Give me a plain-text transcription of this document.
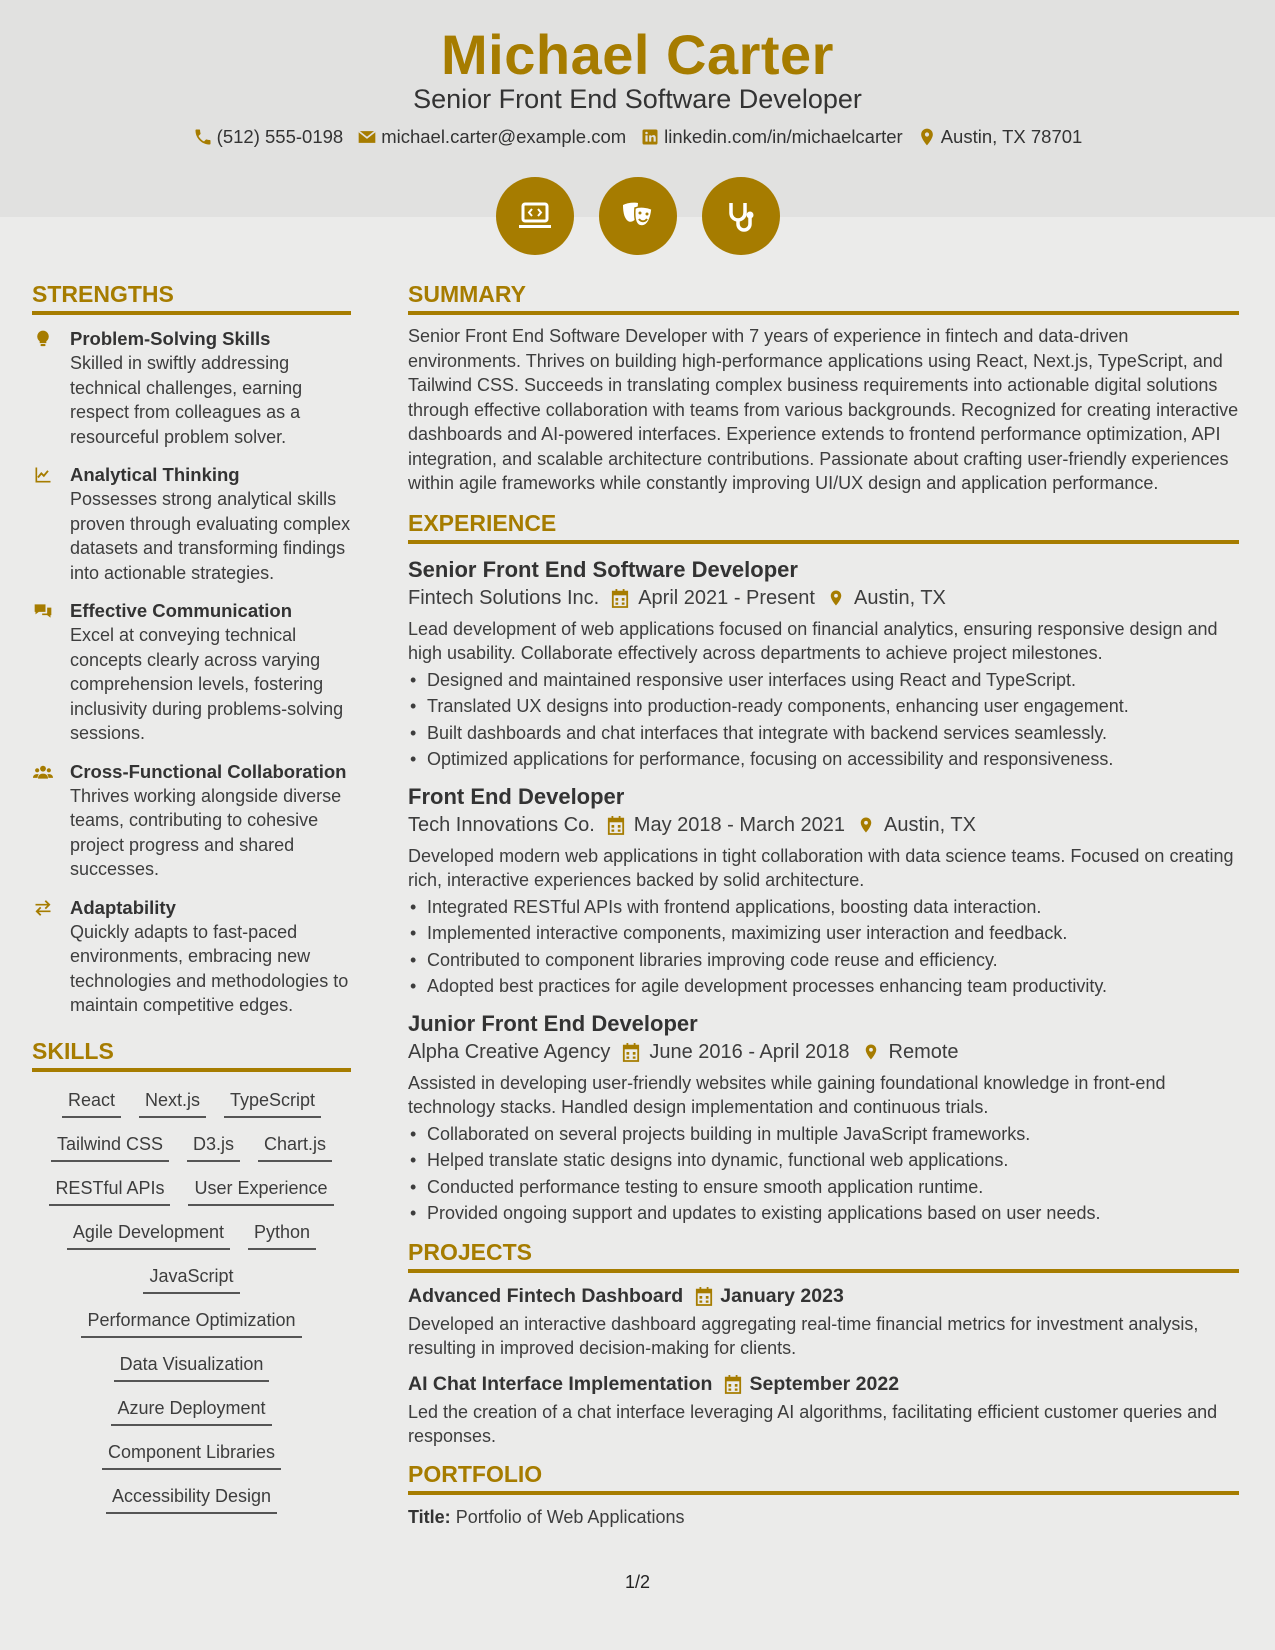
Michael Carter
Senior Front End Software Developer
(512) 555-0198 michael.carter@example.com linkedin.com/in/michaelcarter Austin, TX 78701
STRENGTHS
Problem-Solving Skills
Skilled in swiftly addressing technical challenges, earning respect from colleagues as a resourceful problem solver.
Analytical Thinking
Possesses strong analytical skills proven through evaluating complex datasets and transforming findings into actionable strategies.
Effective Communication
Excel at conveying technical concepts clearly across varying comprehension levels, fostering inclusivity during problems-solving sessions.
Cross-Functional Collaboration
Thrives working alongside diverse teams, contributing to cohesive project progress and shared successes.
Adaptability
Quickly adapts to fast-paced environments, embracing new technologies and methodologies to maintain competitive edges.
SKILLS
React	Next.js	TypeScript
Tailwind CSS	D3.js	Chart.js
RESTful APIs	User Experience
Agile Development	Python
JavaScript
Performance Optimization
Data Visualization
Azure Deployment
Component Libraries
Accessibility Design
SUMMARY
Senior Front End Software Developer with 7 years of experience in fintech and data-driven environments. Thrives on building high-performance applications using React, Next.js, TypeScript, and Tailwind CSS. Succeeds in translating complex business requirements into actionable digital solutions through effective collaboration with teams from various backgrounds. Recognized for creating interactive dashboards and AI-powered interfaces. Experience extends to frontend performance optimization, API integration, and scalable architecture contributions. Passionate about crafting user-friendly experiences within agile frameworks while constantly improving UI/UX design and application performance.
EXPERIENCE
Senior Front End Software Developer
Fintech Solutions Inc. April 2021 - Present Austin, TX
Lead development of web applications focused on financial analytics, ensuring responsive design and high usability. Collaborate effectively across departments to achieve project milestones.
• Designed and maintained responsive user interfaces using React and TypeScript.
• Translated UX designs into production-ready components, enhancing user engagement.
• Built dashboards and chat interfaces that integrate with backend services seamlessly.
• Optimized applications for performance, focusing on accessibility and responsiveness.
Front End Developer
Tech Innovations Co. May 2018 - March 2021 Austin, TX
Developed modern web applications in tight collaboration with data science teams. Focused on creating rich, interactive experiences backed by solid architecture.
• Integrated RESTful APIs with frontend applications, boosting data interaction.
• Implemented interactive components, maximizing user interaction and feedback.
• Contributed to component libraries improving code reuse and efficiency.
• Adopted best practices for agile development processes enhancing team productivity.
Junior Front End Developer
Alpha Creative Agency June 2016 - April 2018 Remote
Assisted in developing user-friendly websites while gaining foundational knowledge in front-end technology stacks. Handled design implementation and continuous trials.
• Collaborated on several projects building in multiple JavaScript frameworks.
• Helped translate static designs into dynamic, functional web applications.
• Conducted performance testing to ensure smooth application runtime.
• Provided ongoing support and updates to existing applications based on user needs.
PROJECTS
Advanced Fintech Dashboard January 2023
Developed an interactive dashboard aggregating real-time financial metrics for investment analysis, resulting in improved decision-making for clients.
AI Chat Interface Implementation September 2022
Led the creation of a chat interface leveraging AI algorithms, facilitating efficient customer queries and responses.
PORTFOLIO
Title: Portfolio of Web Applications
1/2
